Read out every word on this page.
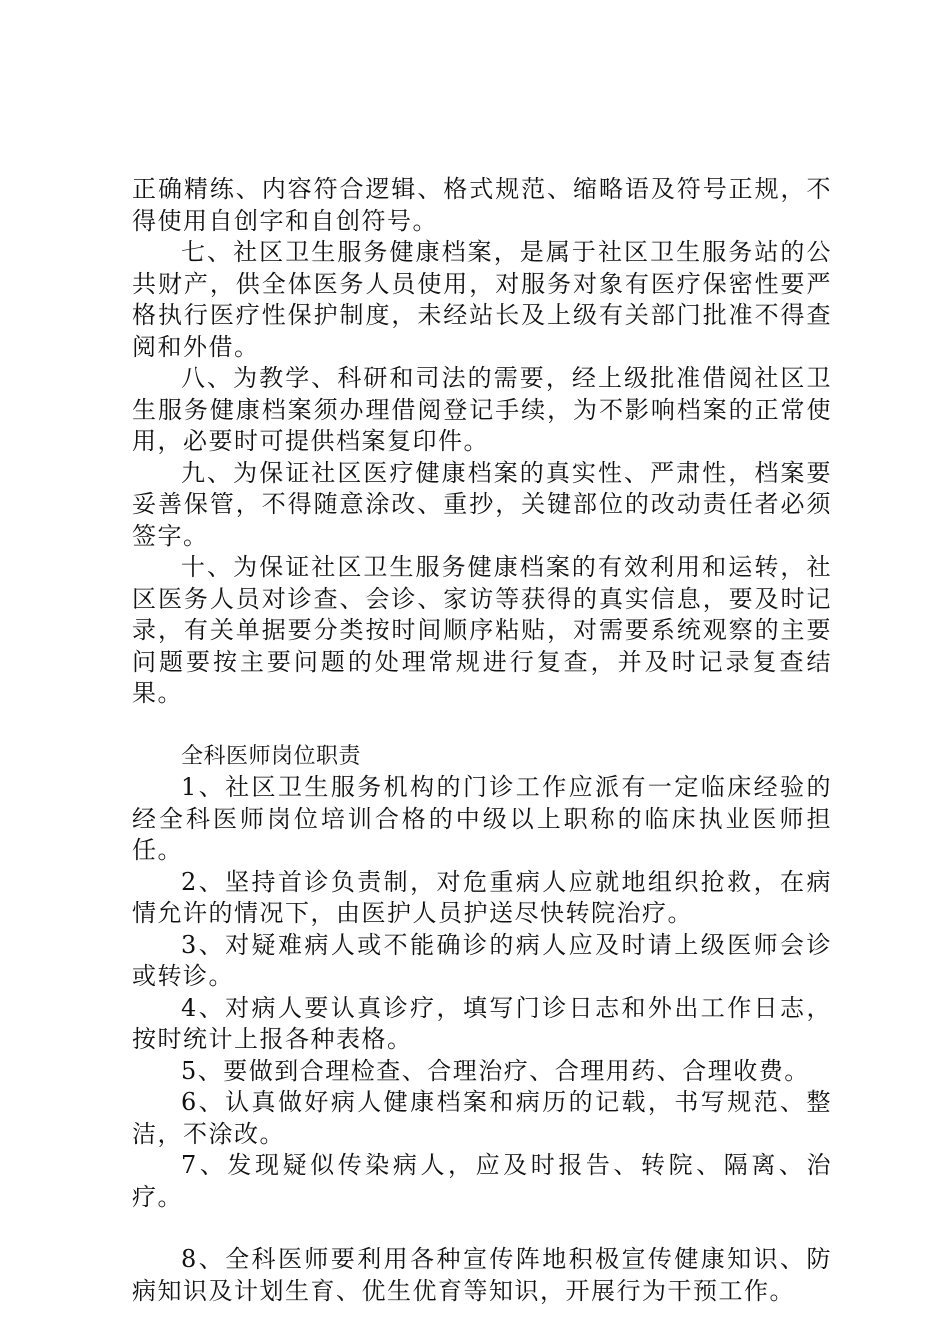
正确精练、内容符合逻辑、格式规范、缩略语及符号正规，不得使用自创字和自创符号。

七、社区卫生服务健康档案，是属于社区卫生服务站的公共财产，供全体医务人员使用，对服务对象有医疗保密性要严格执行医疗性保护制度，未经站长及上级有关部门批准不得查阅和外借。

八、为教学、科研和司法的需要，经上级批准借阅社区卫生服务健康档案须办理借阅登记手续，为不影响档案的正常使用，必要时可提供档案复印件。

九、为保证社区医疗健康档案的真实性、严肃性，档案要妥善保管，不得随意涂改、重抄，关键部位的改动责任者必须签字。

十、为保证社区卫生服务健康档案的有效利用和运转，社区医务人员对诊查、会诊、家访等获得的真实信息，要及时记录，有关单据要分类按时间顺序粘贴，对需要系统观察的主要问题要按主要问题的处理常规进行复查，并及时记录复查结果。

全科医师岗位职责

1、社区卫生服务机构的门诊工作应派有一定临床经验的经全科医师岗位培训合格的中级以上职称的临床执业医师担任。

2、坚持首诊负责制，对危重病人应就地组织抢救，在病情允许的情况下，由医护人员护送尽快转院治疗。

3、对疑难病人或不能确诊的病人应及时请上级医师会诊或转诊。

4、对病人要认真诊疗，填写门诊日志和外出工作日志，按时统计上报各种表格。

5、要做到合理检查、合理治疗、合理用药、合理收费。

6、认真做好病人健康档案和病历的记载，书写规范、整洁，不涂改。

7、发现疑似传染病人，应及时报告、转院、隔离、治疗。

8、全科医师要利用各种宣传阵地积极宣传健康知识、防病知识及计划生育、优生优育等知识，开展行为干预工作。
